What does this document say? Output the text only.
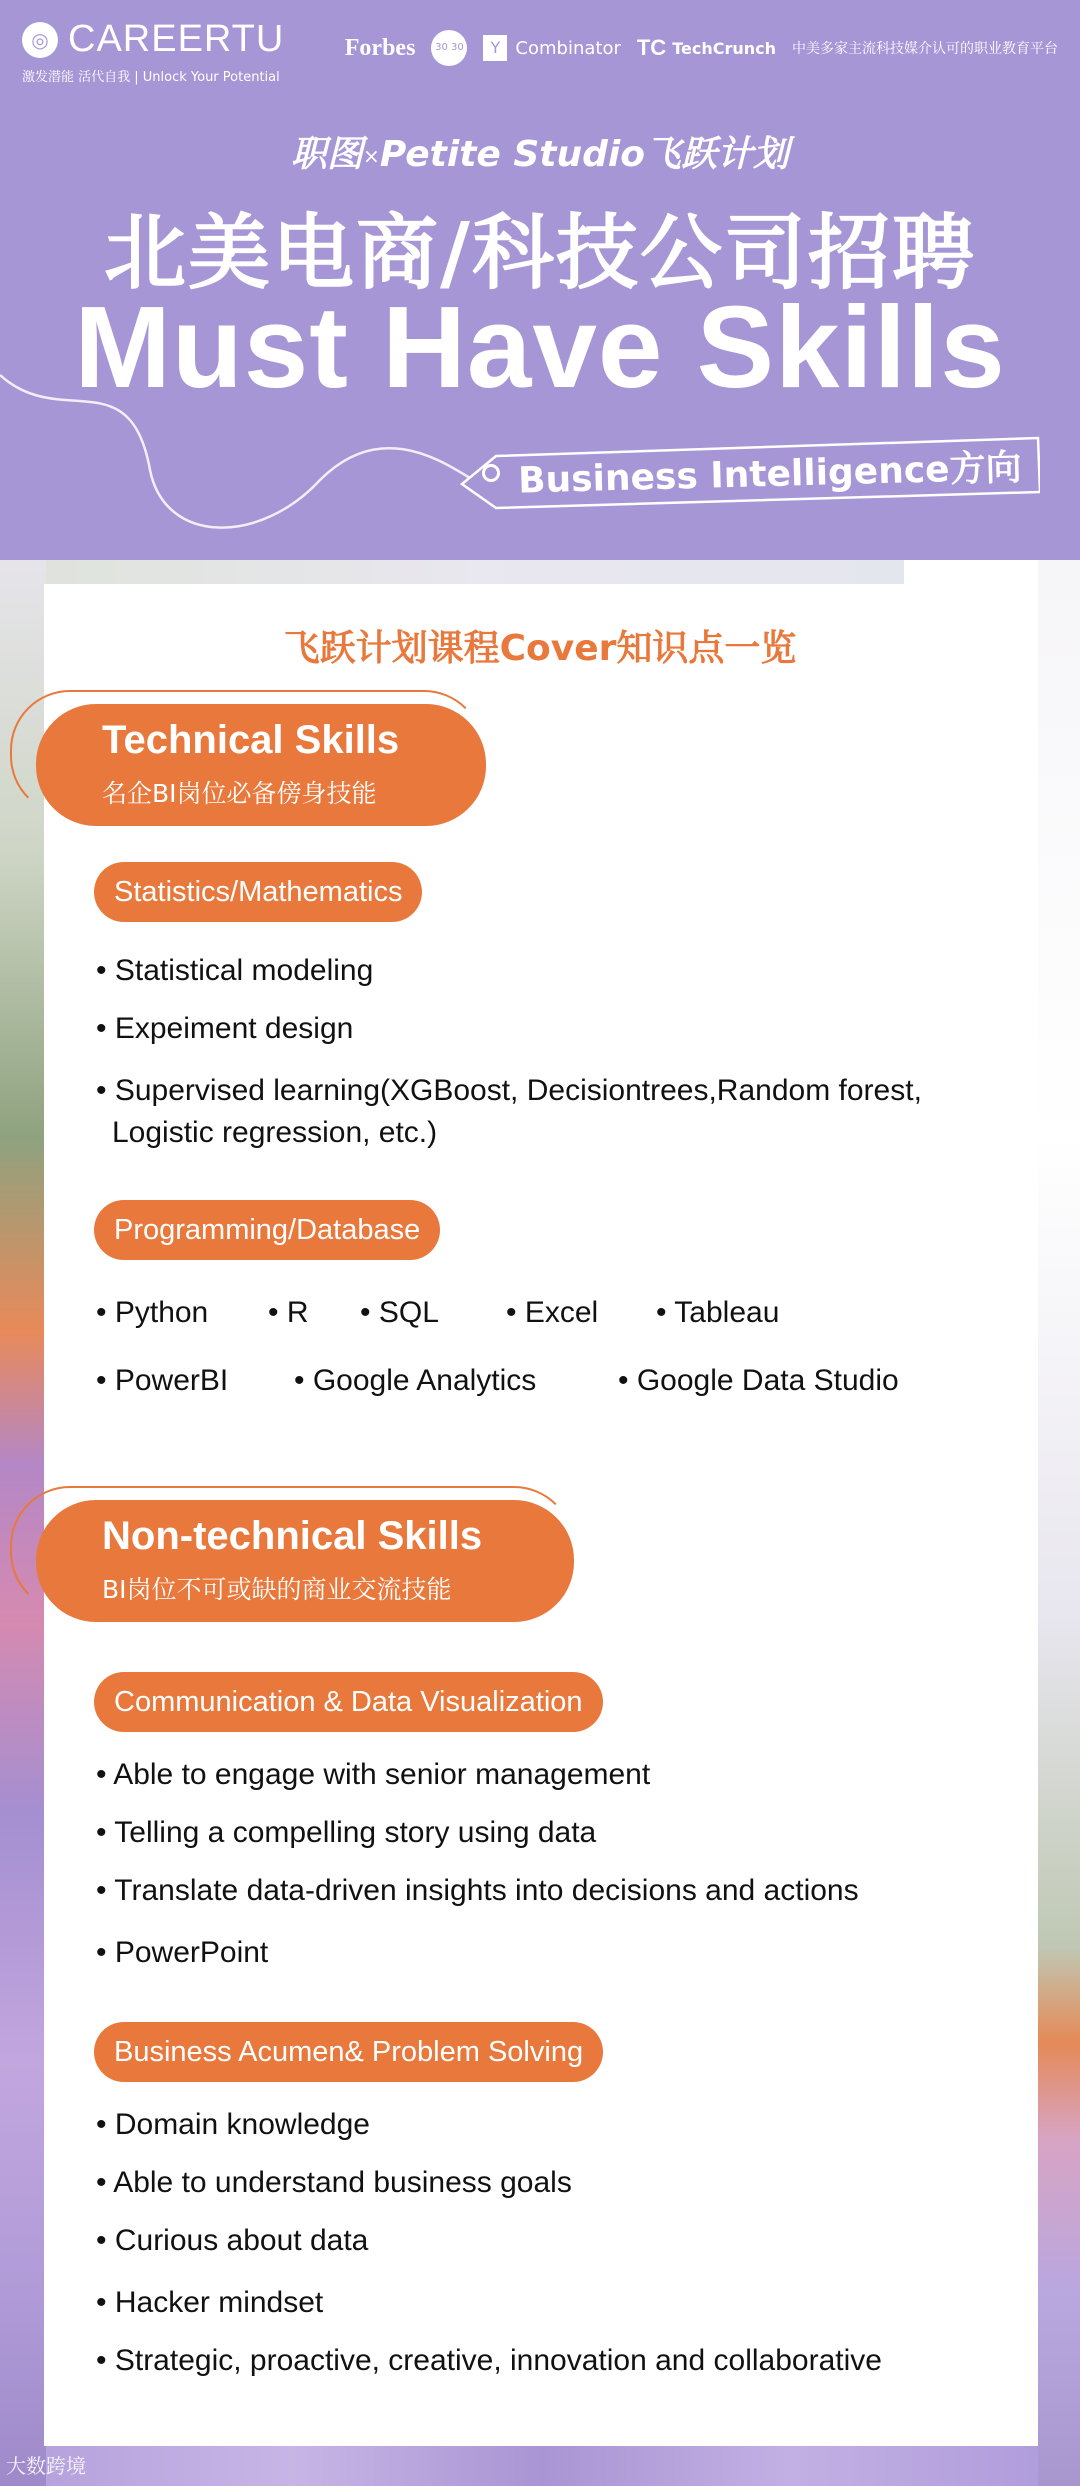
◎ CAREERTU
激发潜能 活代自我 | Unlock Your Potential
Forbes	30 30	Y Combinator TC TechCrunch 中美多家主流科技媒介认可的职业教育平台
职图×Petite Studio飞跃计划
北美电商/科技公司招聘
Must Have Skills
Business Intelligence方向
飞跃计划课程Cover知识点一览
Technical Skills
名企BI岗位必备傍身技能
Statistics/Mathematics
• Statistical modeling
• Expeiment design
• Supervised learning(XGBoost, Decisiontrees,Random forest, Logistic regression, etc.)
Programming/Database
• Python	• R	• SQL	• Excel	• Tableau
• PowerBI	• Google Analytics	• Google Data Studio
Non-technical Skills
BI岗位不可或缺的商业交流技能
Communication & Data Visualization
• Able to engage with senior management
• Telling a compelling story using data
• Translate data-driven insights into decisions and actions
• PowerPoint
Business Acumen& Problem Solving
• Domain knowledge
• Able to understand business goals
• Curious about data
• Hacker mindset
• Strategic, proactive, creative, innovation and collaborative
大数跨境
